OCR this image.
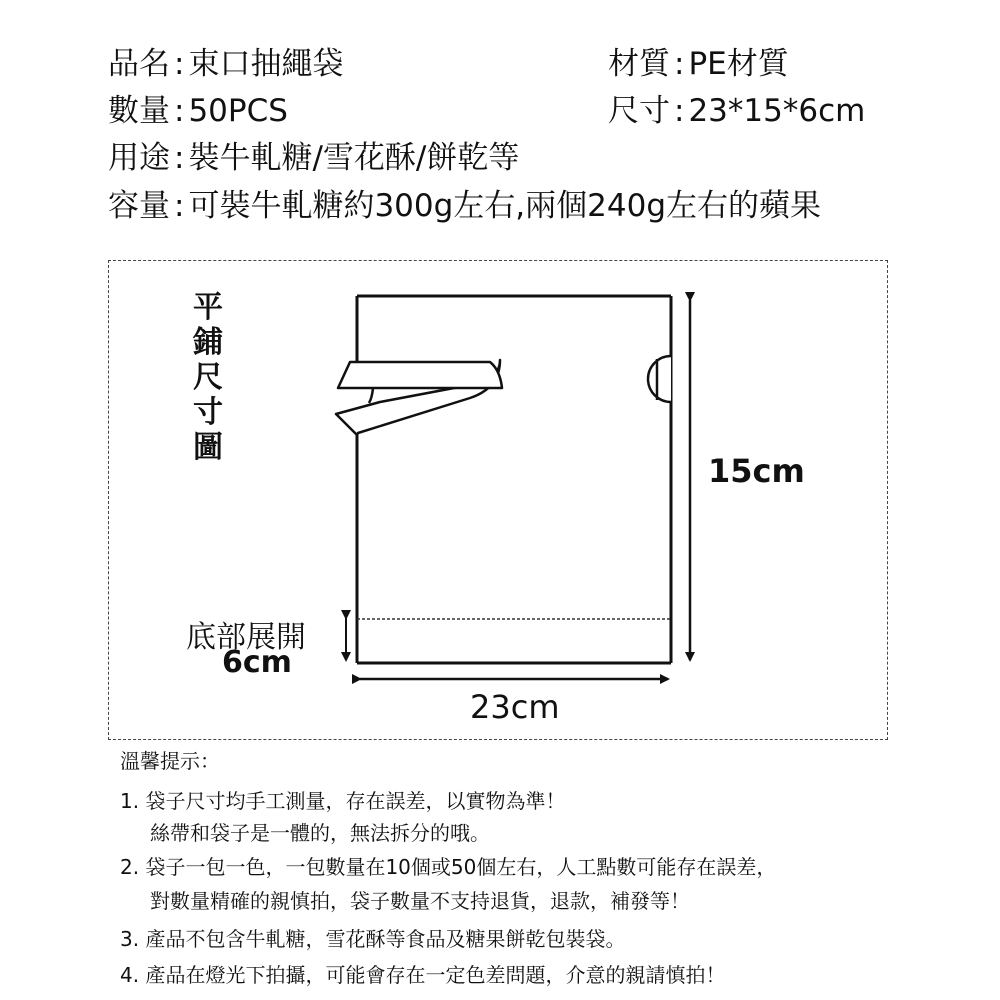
品名 : 束口抽繩袋
數量 : 50PCS
用途 : 裝牛軋糖/雪花酥/餅乾等
容量 : 可裝牛軋糖約300g左右,兩個240g左右的蘋果
材質 : PE材質
尺寸 : 23*15*6cm
平鋪尺寸圖
15cm
23cm
底部展開
6cm
溫馨提示：
1. 袋子尺寸均手工測量，存在誤差，以實物為準！
絲帶和袋子是一體的，無法拆分的哦。
2. 袋子一包一色，一包數量在10個或50個左右，人工點數可能存在誤差，
對數量精確的親慎拍，袋子數量不支持退貨，退款，補發等！
3. 產品不包含牛軋糖，雪花酥等食品及糖果餅乾包裝袋。
4. 產品在燈光下拍攝，可能會存在一定色差問題，介意的親請慎拍！
